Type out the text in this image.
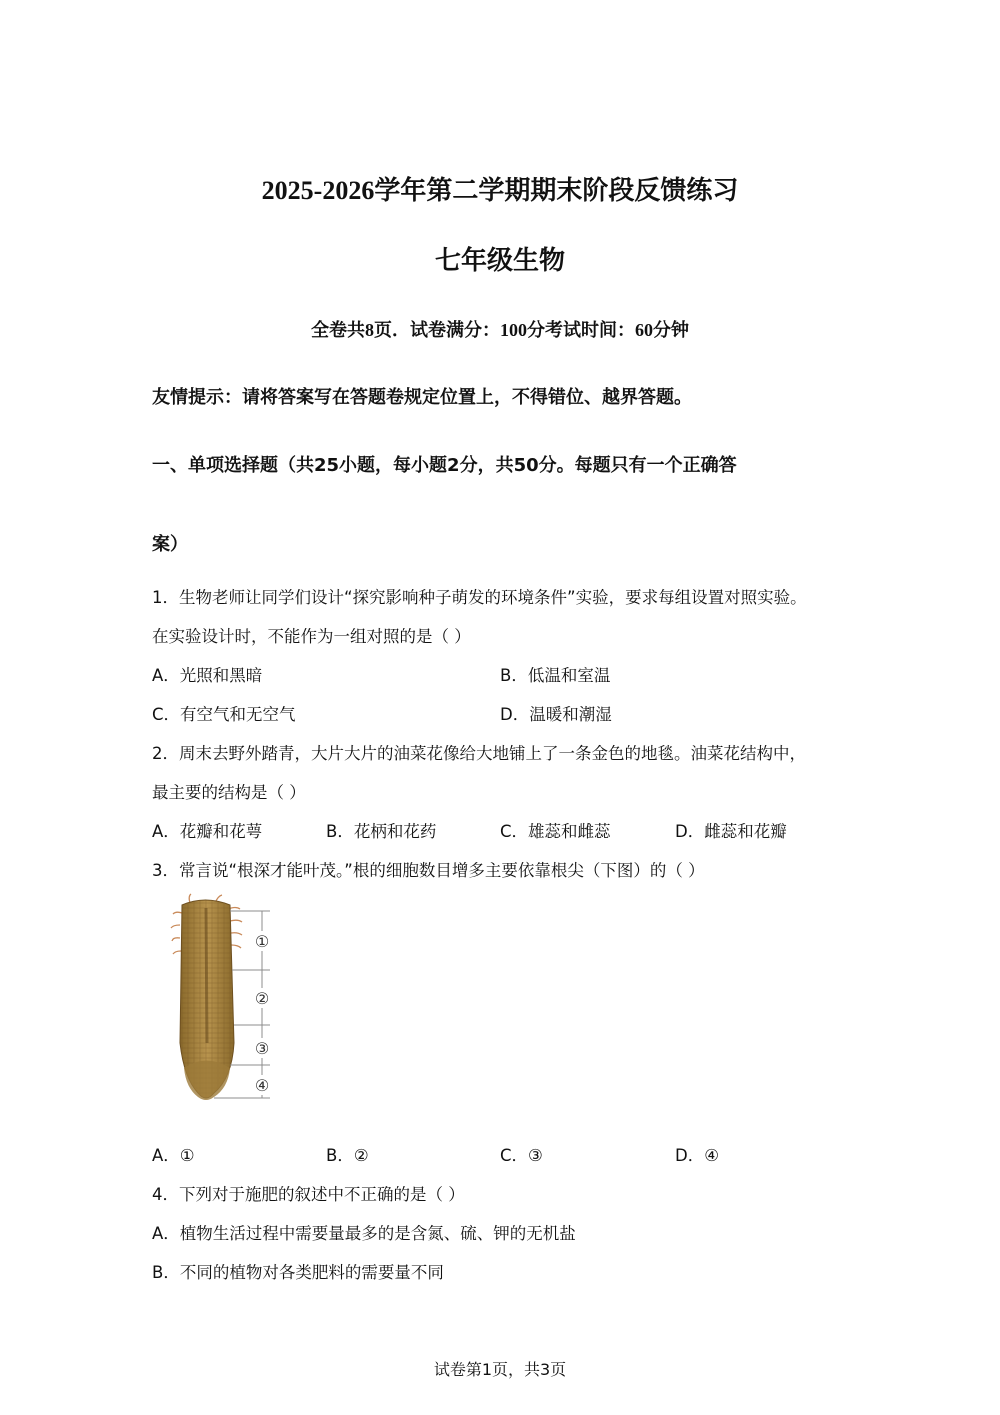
2025-2026学年第二学期期末阶段反馈练习
七年级生物
全卷共8页．试卷满分：100分考试时间：60分钟
友情提示：请将答案写在答题卷规定位置上，不得错位、越界答题。
一、单项选择题（共25小题，每小题2分，共50分。每题只有一个正确答
案）
1．生物老师让同学们设计“探究影响种子萌发的环境条件”实验，要求每组设置对照实验。
在实验设计时，不能作为一组对照的是（ ）
A．光照和黑暗	B．低温和室温
C．有空气和无空气	D．温暖和潮湿
2．周末去野外踏青，大片大片的油菜花像给大地铺上了一条金色的地毯。油菜花结构中，
最主要的结构是（ ）
A．花瓣和花萼	B．花柄和花药	C．雄蕊和雌蕊	D．雌蕊和花瓣
3．常言说“根深才能叶茂。”根的细胞数目增多主要依靠根尖（下图）的（ ）
①
②
③
④
A．①	B．②	C．③	D．④
4．下列对于施肥的叙述中不正确的是（ ）
A．植物生活过程中需要量最多的是含氮、硫、钾的无机盐
B．不同的植物对各类肥料的需要量不同
试卷第1页，共3页
